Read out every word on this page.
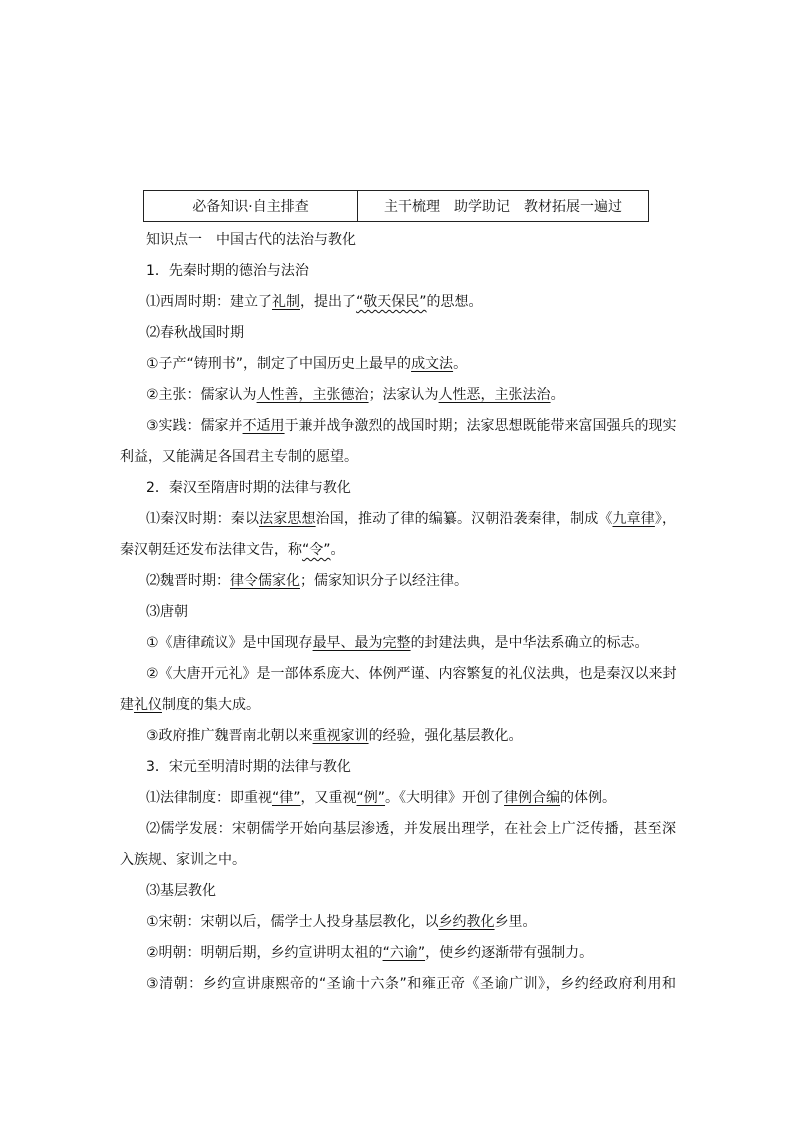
必备知识·自主排查	主干梳理　助学助记　教材拓展一遍过
知识点一　中国古代的法治与教化
1．先秦时期的德治与法治
⑴西周时期：建立了礼制，提出了“敬天保民”的思想。
⑵春秋战国时期
①子产“铸刑书”，制定了中国历史上最早的成文法。
②主张：儒家认为人性善，主张德治；法家认为人性恶，主张法治。
③实践：儒家并不适用于兼并战争激烈的战国时期；法家思想既能带来富国强兵的现实
利益，又能满足各国君主专制的愿望。
2．秦汉至隋唐时期的法律与教化
⑴秦汉时期：秦以法家思想治国，推动了律的编纂。汉朝沿袭秦律，制成《九章律》，
秦汉朝廷还发布法律文告，称“令”。
⑵魏晋时期：律令儒家化；儒家知识分子以经注律。
⑶唐朝
①《唐律疏议》是中国现存最早、最为完整的封建法典，是中华法系确立的标志。
②《大唐开元礼》是一部体系庞大、体例严谨、内容繁复的礼仪法典，也是秦汉以来封
建礼仪制度的集大成。
③政府推广魏晋南北朝以来重视家训的经验，强化基层教化。
3．宋元至明清时期的法律与教化
⑴法律制度：即重视“律”，又重视“例”。《大明律》开创了律例合编的体例。
⑵儒学发展：宋朝儒学开始向基层渗透，并发展出理学，在社会上广泛传播，甚至深
入族规、家训之中。
⑶基层教化
①宋朝：宋朝以后，儒学士人投身基层教化，以乡约教化乡里。
②明朝：明朝后期，乡约宣讲明太祖的“六谕”，使乡约逐渐带有强制力。
③清朝：乡约宣讲康熙帝的“圣谕十六条”和雍正帝《圣谕广训》，乡约经政府利用和
